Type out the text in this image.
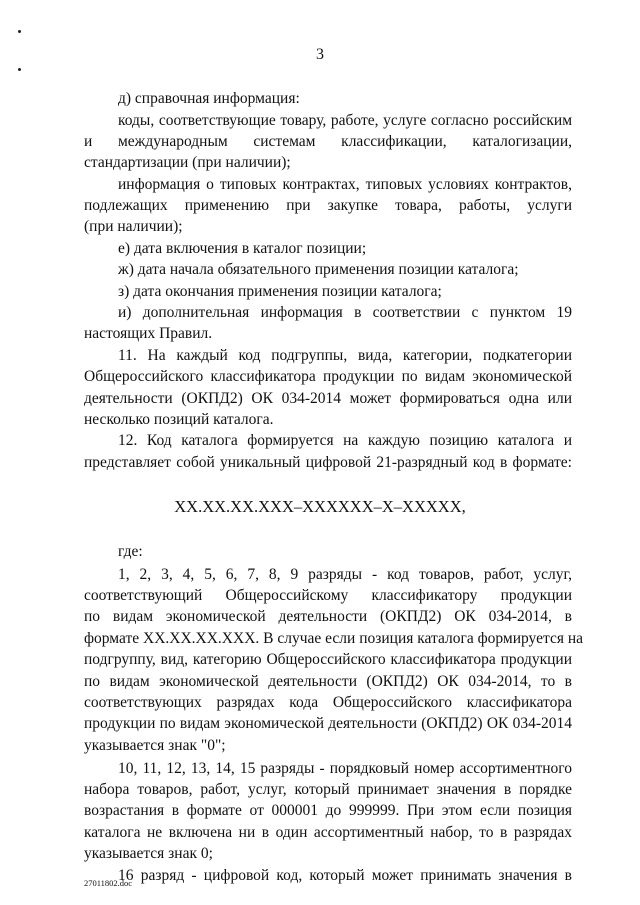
3
д) справочная информация:
коды, соответствующие товару, работе, услуге согласно российским
и международным системам классификации, каталогизации,
стандартизации (при наличии);
информация о типовых контрактах, типовых условиях контрактов,
подлежащих применению при закупке товара, работы, услуги
(при наличии);
е) дата включения в каталог позиции;
ж) дата начала обязательного применения позиции каталога;
з) дата окончания применения позиции каталога;
и) дополнительная информация в соответствии с пунктом 19
настоящих Правил.
11. На каждый код подгруппы, вида, категории, подкатегории
Общероссийского классификатора продукции по видам экономической
деятельности (ОКПД2) ОК 034-2014 может формироваться одна или
несколько позиций каталога.
12. Код каталога формируется на каждую позицию каталога и
представляет собой уникальный цифровой 21-разрядный код в формате:
XX.XX.XX.XXX–XXXXXX–X–XXXXX,
где:
1, 2, 3, 4, 5, 6, 7, 8, 9 разряды - код товаров, работ, услуг,
соответствующий Общероссийскому классификатору продукции
по видам экономической деятельности (ОКПД2) ОК 034-2014, в
формате XX.XX.XX.XXX. В случае если позиция каталога формируется на
подгруппу, вид, категорию Общероссийского классификатора продукции
по видам экономической деятельности (ОКПД2) ОК 034-2014, то в
соответствующих разрядах кода Общероссийского классификатора
продукции по видам экономической деятельности (ОКПД2) ОК 034-2014
указывается знак "0";
10, 11, 12, 13, 14, 15 разряды - порядковый номер ассортиментного
набора товаров, работ, услуг, который принимает значения в порядке
возрастания в формате от 000001 до 999999. При этом если позиция
каталога не включена ни в один ассортиментный набор, то в разрядах
указывается знак 0;
16 разряд - цифровой код, который может принимать значения в
27011802.doc
